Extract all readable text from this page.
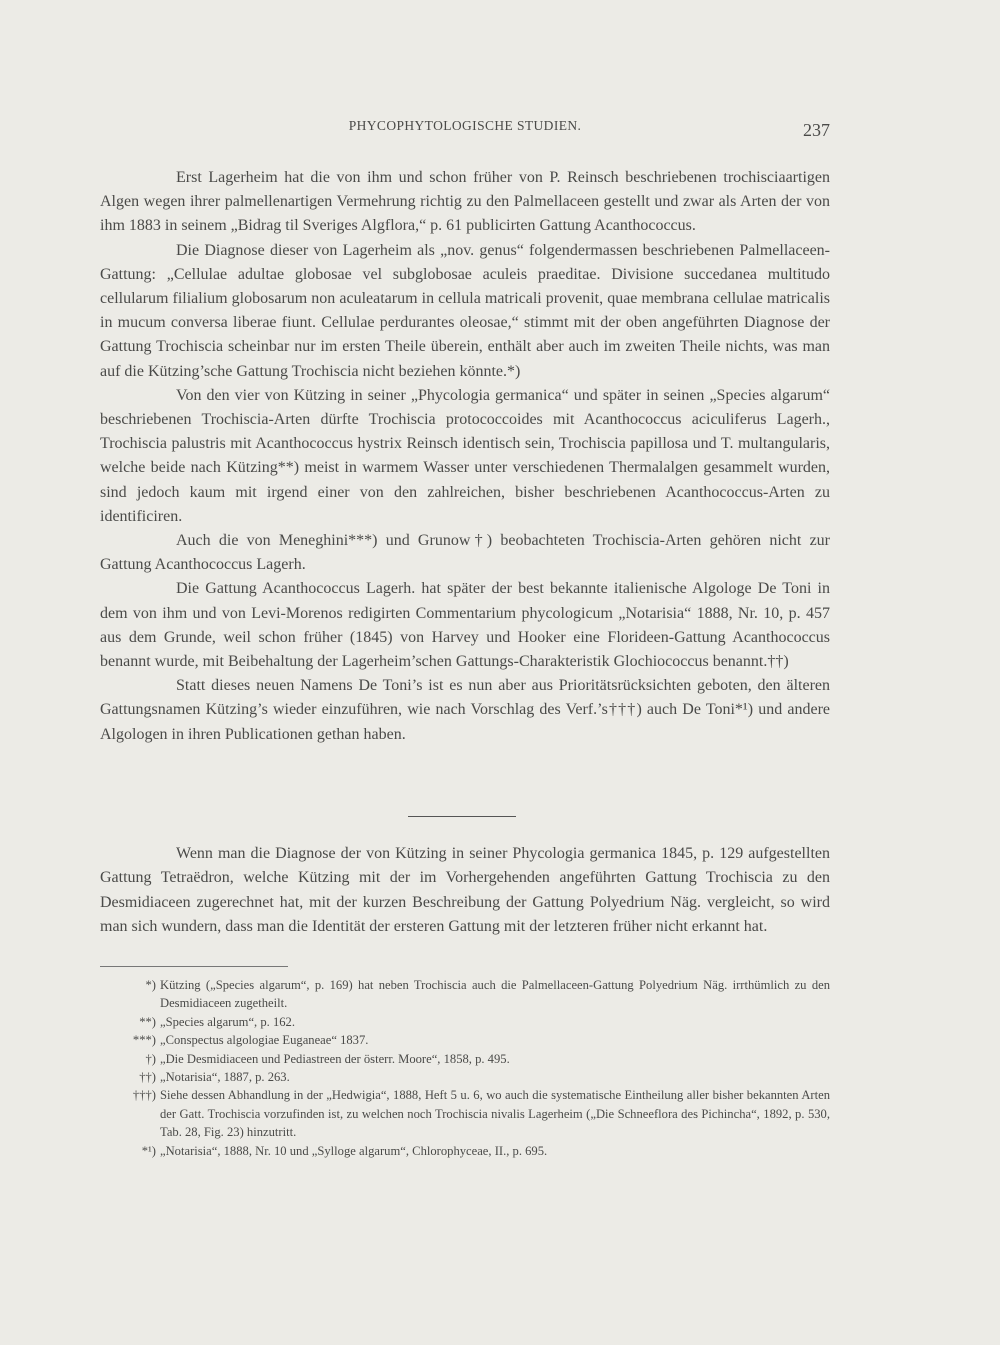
PHYCOPHYTOLOGISCHE STUDIEN.	237

Erst Lagerheim hat die von ihm und schon früher von P. Reinsch beschriebenen trochisciaartigen Algen wegen ihrer palmellenartigen Vermehrung richtig zu den Palmellaceen gestellt und zwar als Arten der von ihm 1883 in seinem „Bidrag til Sveriges Algflora,“ p. 61 publicirten Gattung Acanthococcus.

Die Diagnose dieser von Lagerheim als „nov. genus“ folgendermassen beschriebenen Palmellaceen-Gattung: „Cellulae adultae globosae vel subglobosae aculeis praeditae. Divisione succedanea multitudo cellularum filialium globosarum non aculeatarum in cellula matricali provenit, quae membrana cellulae matricalis in mucum conversa liberae fiunt. Cellulae perdurantes oleosae,“ stimmt mit der oben angeführten Diagnose der Gattung Trochiscia scheinbar nur im ersten Theile überein, enthält aber auch im zweiten Theile nichts, was man auf die Kützing’sche Gattung Trochiscia nicht beziehen könnte.*)

Von den vier von Kützing in seiner „Phycologia germanica“ und später in seinen „Species algarum“ beschriebenen Trochiscia-Arten dürfte Trochiscia protococcoides mit Acanthococcus aciculiferus Lagerh., Trochiscia palustris mit Acanthococcus hystrix Reinsch identisch sein, Trochiscia papillosa und T. multangularis, welche beide nach Kützing**) meist in warmem Wasser unter verschiedenen Thermalalgen gesammelt wurden, sind jedoch kaum mit irgend einer von den zahlreichen, bisher beschriebenen Acanthococcus-Arten zu identificiren.

Auch die von Meneghini***) und Grunow†) beobachteten Trochiscia-Arten gehören nicht zur Gattung Acanthococcus Lagerh.

Die Gattung Acanthococcus Lagerh. hat später der best bekannte italienische Algologe De Toni in dem von ihm und von Levi-Morenos redigirten Commentarium phycologicum „Notarisia“ 1888, Nr. 10, p. 457 aus dem Grunde, weil schon früher (1845) von Harvey und Hooker eine Florideen-Gattung Acanthococcus benannt wurde, mit Beibehaltung der Lagerheim’schen Gattungs-Charakteristik Glochiococcus benannt.††)

Statt dieses neuen Namens De Toni’s ist es nun aber aus Prioritätsrücksichten geboten, den älteren Gattungsnamen Kützing’s wieder einzuführen, wie nach Vorschlag des Verf.’s†††) auch De Toni*¹) und andere Algologen in ihren Publicationen gethan haben.

Wenn man die Diagnose der von Kützing in seiner Phycologia germanica 1845, p. 129 aufgestellten Gattung Tetraëdron, welche Kützing mit der im Vorhergehenden angeführten Gattung Trochiscia zu den Desmidiaceen zugerechnet hat, mit der kurzen Beschreibung der Gattung Polyedrium Näg. vergleicht, so wird man sich wundern, dass man die Identität der ersteren Gattung mit der letzteren früher nicht erkannt hat.

* ) Kützing („Species algarum“, p. 169) hat neben Trochiscia auch die Palmellaceen-Gattung Polyedrium Näg. irrthümlich zu den Desmidiaceen zugetheilt.
** ) „Species algarum“, p. 162.
*** ) „Conspectus algologiae Euganeae“ 1837.
† ) „Die Desmidiaceen und Pediastreen der österr. Moore“, 1858, p. 495.
†† ) „Notarisia“, 1887, p. 263.
††† ) Siehe dessen Abhandlung in der „Hedwigia“, 1888, Heft 5 u. 6, wo auch die systematische Eintheilung aller bisher bekannten Arten der Gatt. Trochiscia vorzufinden ist, zu welchen noch Trochiscia nivalis Lagerheim („Die Schneeflora des Pichincha“, 1892, p. 530, Tab. 28, Fig. 23) hinzutritt.
*¹ ) „Notarisia“, 1888, Nr. 10 und „Sylloge algarum“, Chlorophyceae, II., p. 695.
